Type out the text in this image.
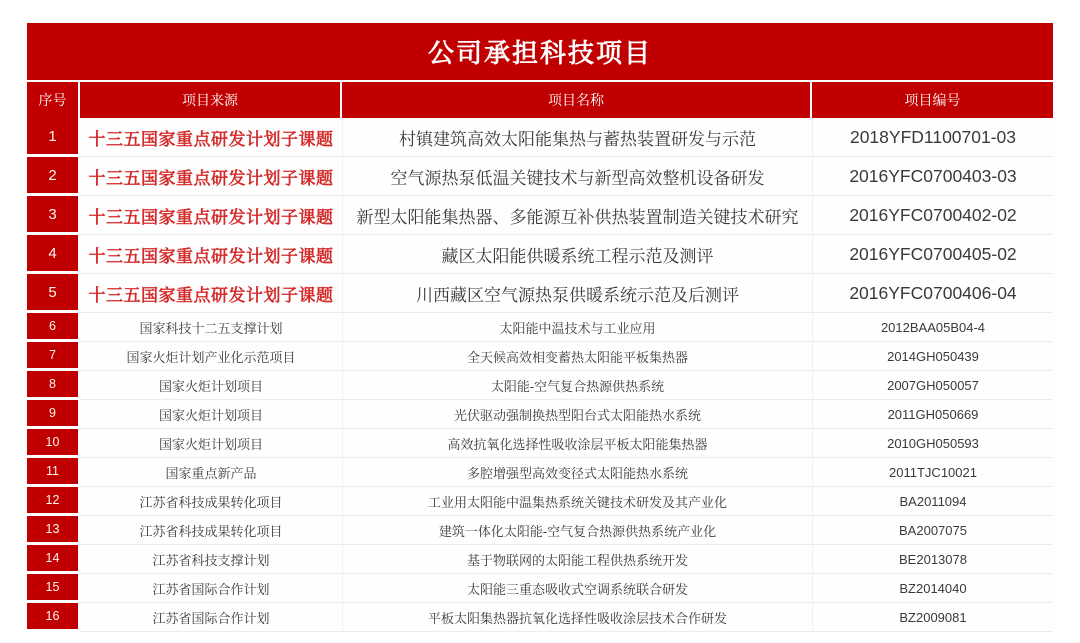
公司承担科技项目
序号	项目来源	项目名称	项目编号
1	十三五国家重点研发计划子课题	村镇建筑高效太阳能集热与蓄热装置研发与示范	2018YFD1100701-03
2	十三五国家重点研发计划子课题	空气源热泵低温关键技术与新型高效整机设备研发	2016YFC0700403-03
3	十三五国家重点研发计划子课题	新型太阳能集热器、多能源互补供热装置制造关键技术研究	2016YFC0700402-02
4	十三五国家重点研发计划子课题	藏区太阳能供暖系统工程示范及测评	2016YFC0700405-02
5	十三五国家重点研发计划子课题	川西藏区空气源热泵供暖系统示范及后测评	2016YFC0700406-04
6	国家科技十二五支撑计划	太阳能中温技术与工业应用	2012BAA05B04-4
7	国家火炬计划产业化示范项目	全天候高效相变蓄热太阳能平板集热器	2014GH050439
8	国家火炬计划项目	太阳能-空气复合热源供热系统	2007GH050057
9	国家火炬计划项目	光伏驱动强制换热型阳台式太阳能热水系统	2011GH050669
10	国家火炬计划项目	高效抗氧化选择性吸收涂层平板太阳能集热器	2010GH050593
11	国家重点新产品	多腔增强型高效变径式太阳能热水系统	2011TJC10021
12	江苏省科技成果转化项目	工业用太阳能中温集热系统关键技术研发及其产业化	BA2011094
13	江苏省科技成果转化项目	建筑一体化太阳能-空气复合热源供热系统产业化	BA2007075
14	江苏省科技支撑计划	基于物联网的太阳能工程供热系统开发	BE2013078
15	江苏省国际合作计划	太阳能三重态吸收式空调系统联合研发	BZ2014040
16	江苏省国际合作计划	平板太阳集热器抗氧化选择性吸收涂层技术合作研发	BZ2009081
